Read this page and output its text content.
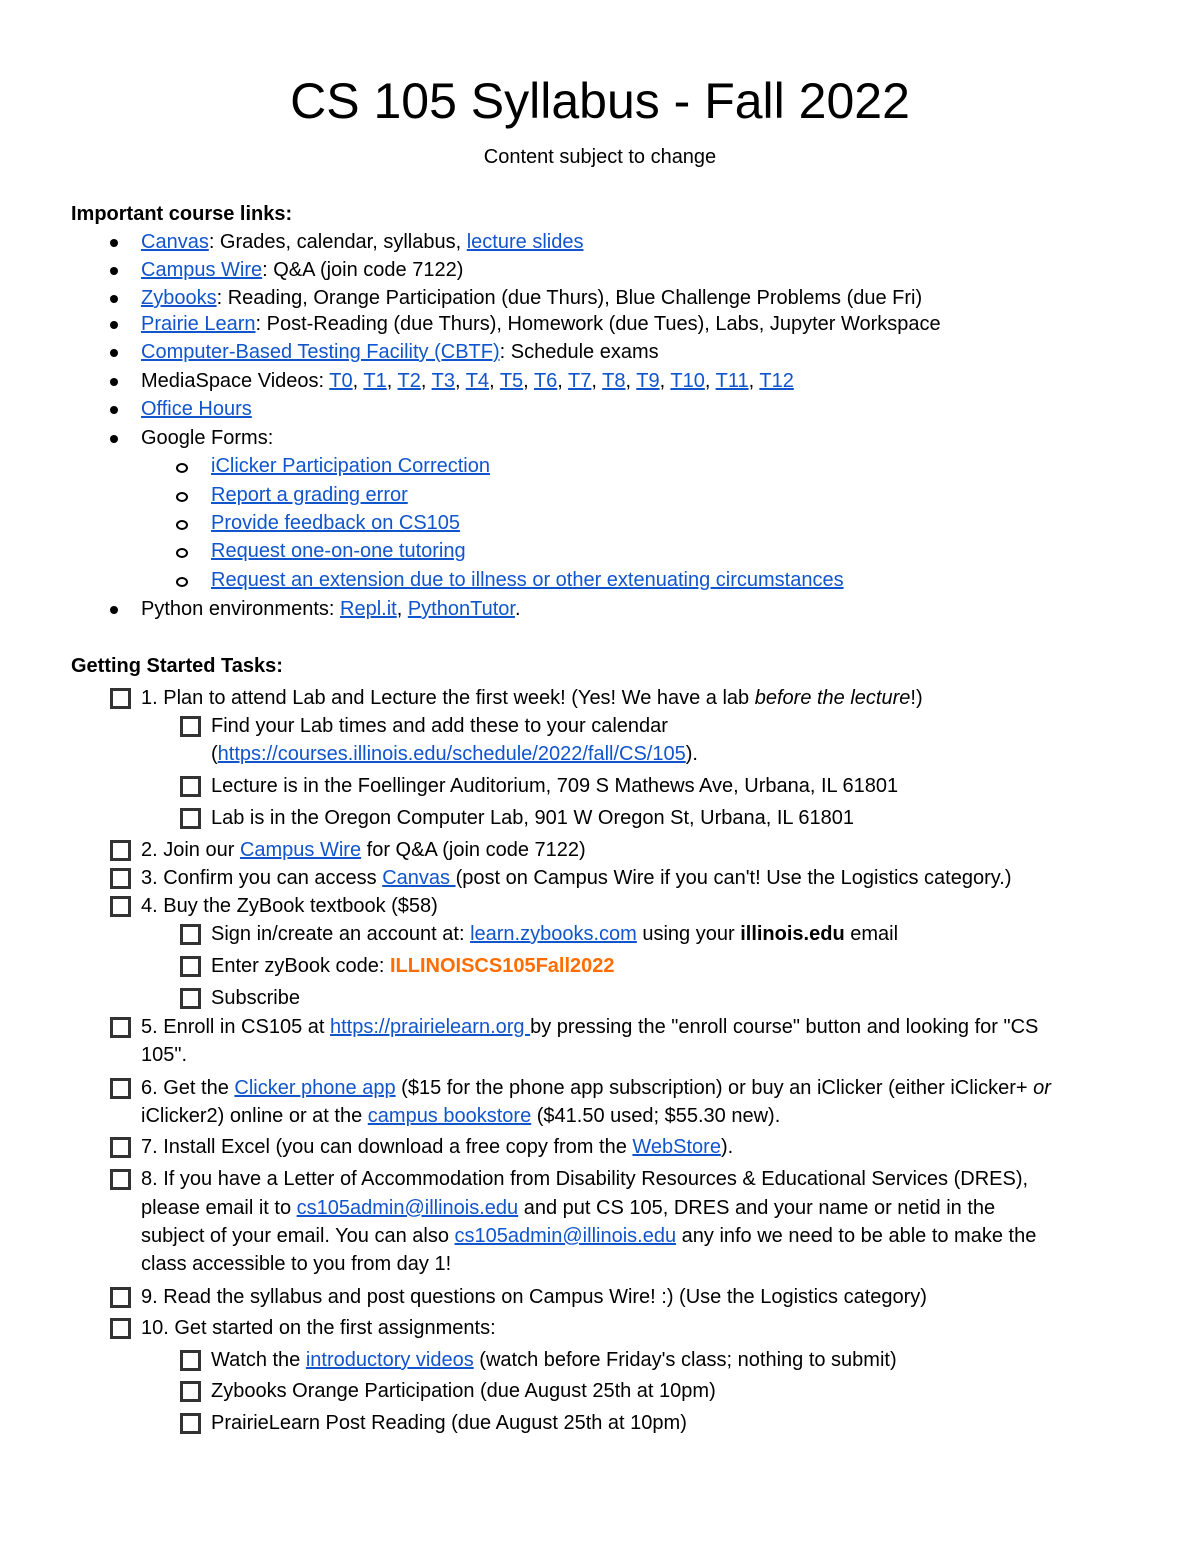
CS 105 Syllabus - Fall 2022
Content subject to change
Important course links:
Canvas: Grades, calendar, syllabus, lecture slides
Campus Wire: Q&A (join code 7122)
Zybooks: Reading, Orange Participation (due Thurs), Blue Challenge Problems (due Fri)
Prairie Learn: Post-Reading (due Thurs), Homework (due Tues), Labs, Jupyter Workspace
Computer-Based Testing Facility (CBTF): Schedule exams
MediaSpace Videos: T0, T1, T2, T3, T4, T5, T6, T7, T8, T9, T10, T11, T12
Office Hours
Google Forms:
iClicker Participation Correction
Report a grading error
Provide feedback on CS105
Request one-on-one tutoring
Request an extension due to illness or other extenuating circumstances
Python environments: Repl.it, PythonTutor.
Getting Started Tasks:
1. Plan to attend Lab and Lecture the first week! (Yes! We have a lab before the lecture!)
Find your Lab times and add these to your calendar
(https://courses.illinois.edu/schedule/2022/fall/CS/105).
Lecture is in the Foellinger Auditorium, 709 S Mathews Ave, Urbana, IL 61801
Lab is in the Oregon Computer Lab, 901 W Oregon St, Urbana, IL 61801
2. Join our Campus Wire for Q&A (join code 7122)
3. Confirm you can access Canvas (post on Campus Wire if you can't! Use the Logistics category.)
4. Buy the ZyBook textbook ($58)
Sign in/create an account at: learn.zybooks.com using your illinois.edu email
Enter zyBook code: ILLINOISCS105Fall2022
Subscribe
5. Enroll in CS105 at https://prairielearn.org by pressing the "enroll course" button and looking for "CS
105".
6. Get the Clicker phone app ($15 for the phone app subscription) or buy an iClicker (either iClicker+ or
iClicker2) online or at the campus bookstore ($41.50 used; $55.30 new).
7. Install Excel (you can download a free copy from the WebStore).
8. If you have a Letter of Accommodation from Disability Resources & Educational Services (DRES),
please email it to cs105admin@illinois.edu and put CS 105, DRES and your name or netid in the
subject of your email. You can also cs105admin@illinois.edu any info we need to be able to make the
class accessible to you from day 1!
9. Read the syllabus and post questions on Campus Wire! :) (Use the Logistics category)
10. Get started on the first assignments:
Watch the introductory videos (watch before Friday's class; nothing to submit)
Zybooks Orange Participation (due August 25th at 10pm)
PrairieLearn Post Reading (due August 25th at 10pm)
